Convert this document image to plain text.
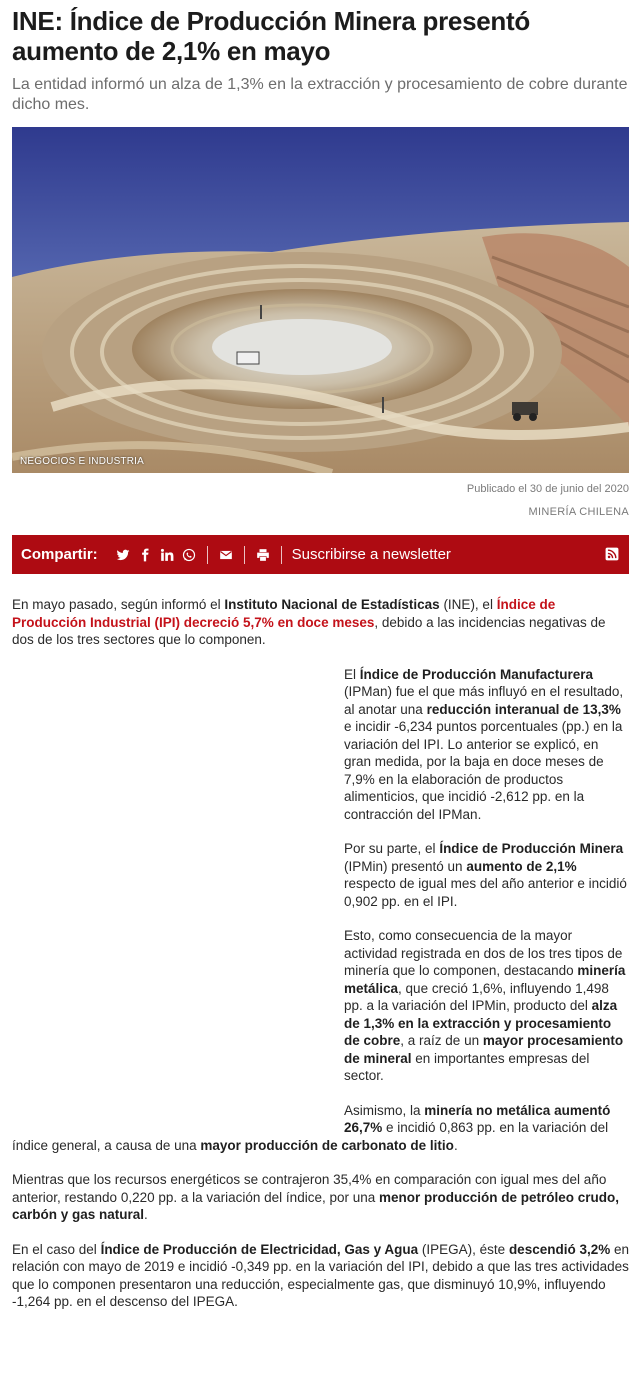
INE: Índice de Producción Minera presentó aumento de 2,1% en mayo
La entidad informó un alza de 1,3% en la extracción y procesamiento de cobre durante dicho mes.
NEGOCIOS E INDUSTRIA
Publicado el 30 de junio del 2020
MINERÍA CHILENA
Compartir:	Suscribirse a newsletter

En mayo pasado, según informó el Instituto Nacional de Estadísticas (INE), el Índice de Producción Industrial (IPI) decreció 5,7% en doce meses, debido a las incidencias negativas de dos de los tres sectores que lo componen.

El Índice de Producción Manufacturera (IPMan) fue el que más influyó en el resultado, al anotar una reducción interanual de 13,3% e incidir -6,234 puntos porcentuales (pp.) en la variación del IPI. Lo anterior se explicó, en gran medida, por la baja en doce meses de 7,9% en la elaboración de productos alimenticios, que incidió -2,612 pp. en la contracción del IPMan.

Por su parte, el Índice de Producción Minera (IPMin) presentó un aumento de 2,1% respecto de igual mes del año anterior e incidió 0,902 pp. en el IPI.

Esto, como consecuencia de la mayor actividad registrada en dos de los tres tipos de minería que lo componen, destacando minería metálica, que creció 1,6%, influyendo 1,498 pp. a la variación del IPMin, producto del alza de 1,3% en la extracción y procesamiento de cobre, a raíz de un mayor procesamiento de mineral en importantes empresas del sector.

Asimismo, la minería no metálica aumentó
26,7% e incidió 0,863 pp. en la variación del
índice general, a causa de una mayor producción de carbonato de litio.

Mientras que los recursos energéticos se contrajeron 35,4% en comparación con igual mes del año anterior, restando 0,220 pp. a la variación del índice, por una menor producción de petróleo crudo, carbón y gas natural.

En el caso del Índice de Producción de Electricidad, Gas y Agua (IPEGA), éste descendió 3,2% en relación con mayo de 2019 e incidió -0,349 pp. en la variación del IPI, debido a que las tres actividades que lo componen presentaron una reducción, especialmente gas, que disminuyó 10,9%, influyendo -1,264 pp. en el descenso del IPEGA.
